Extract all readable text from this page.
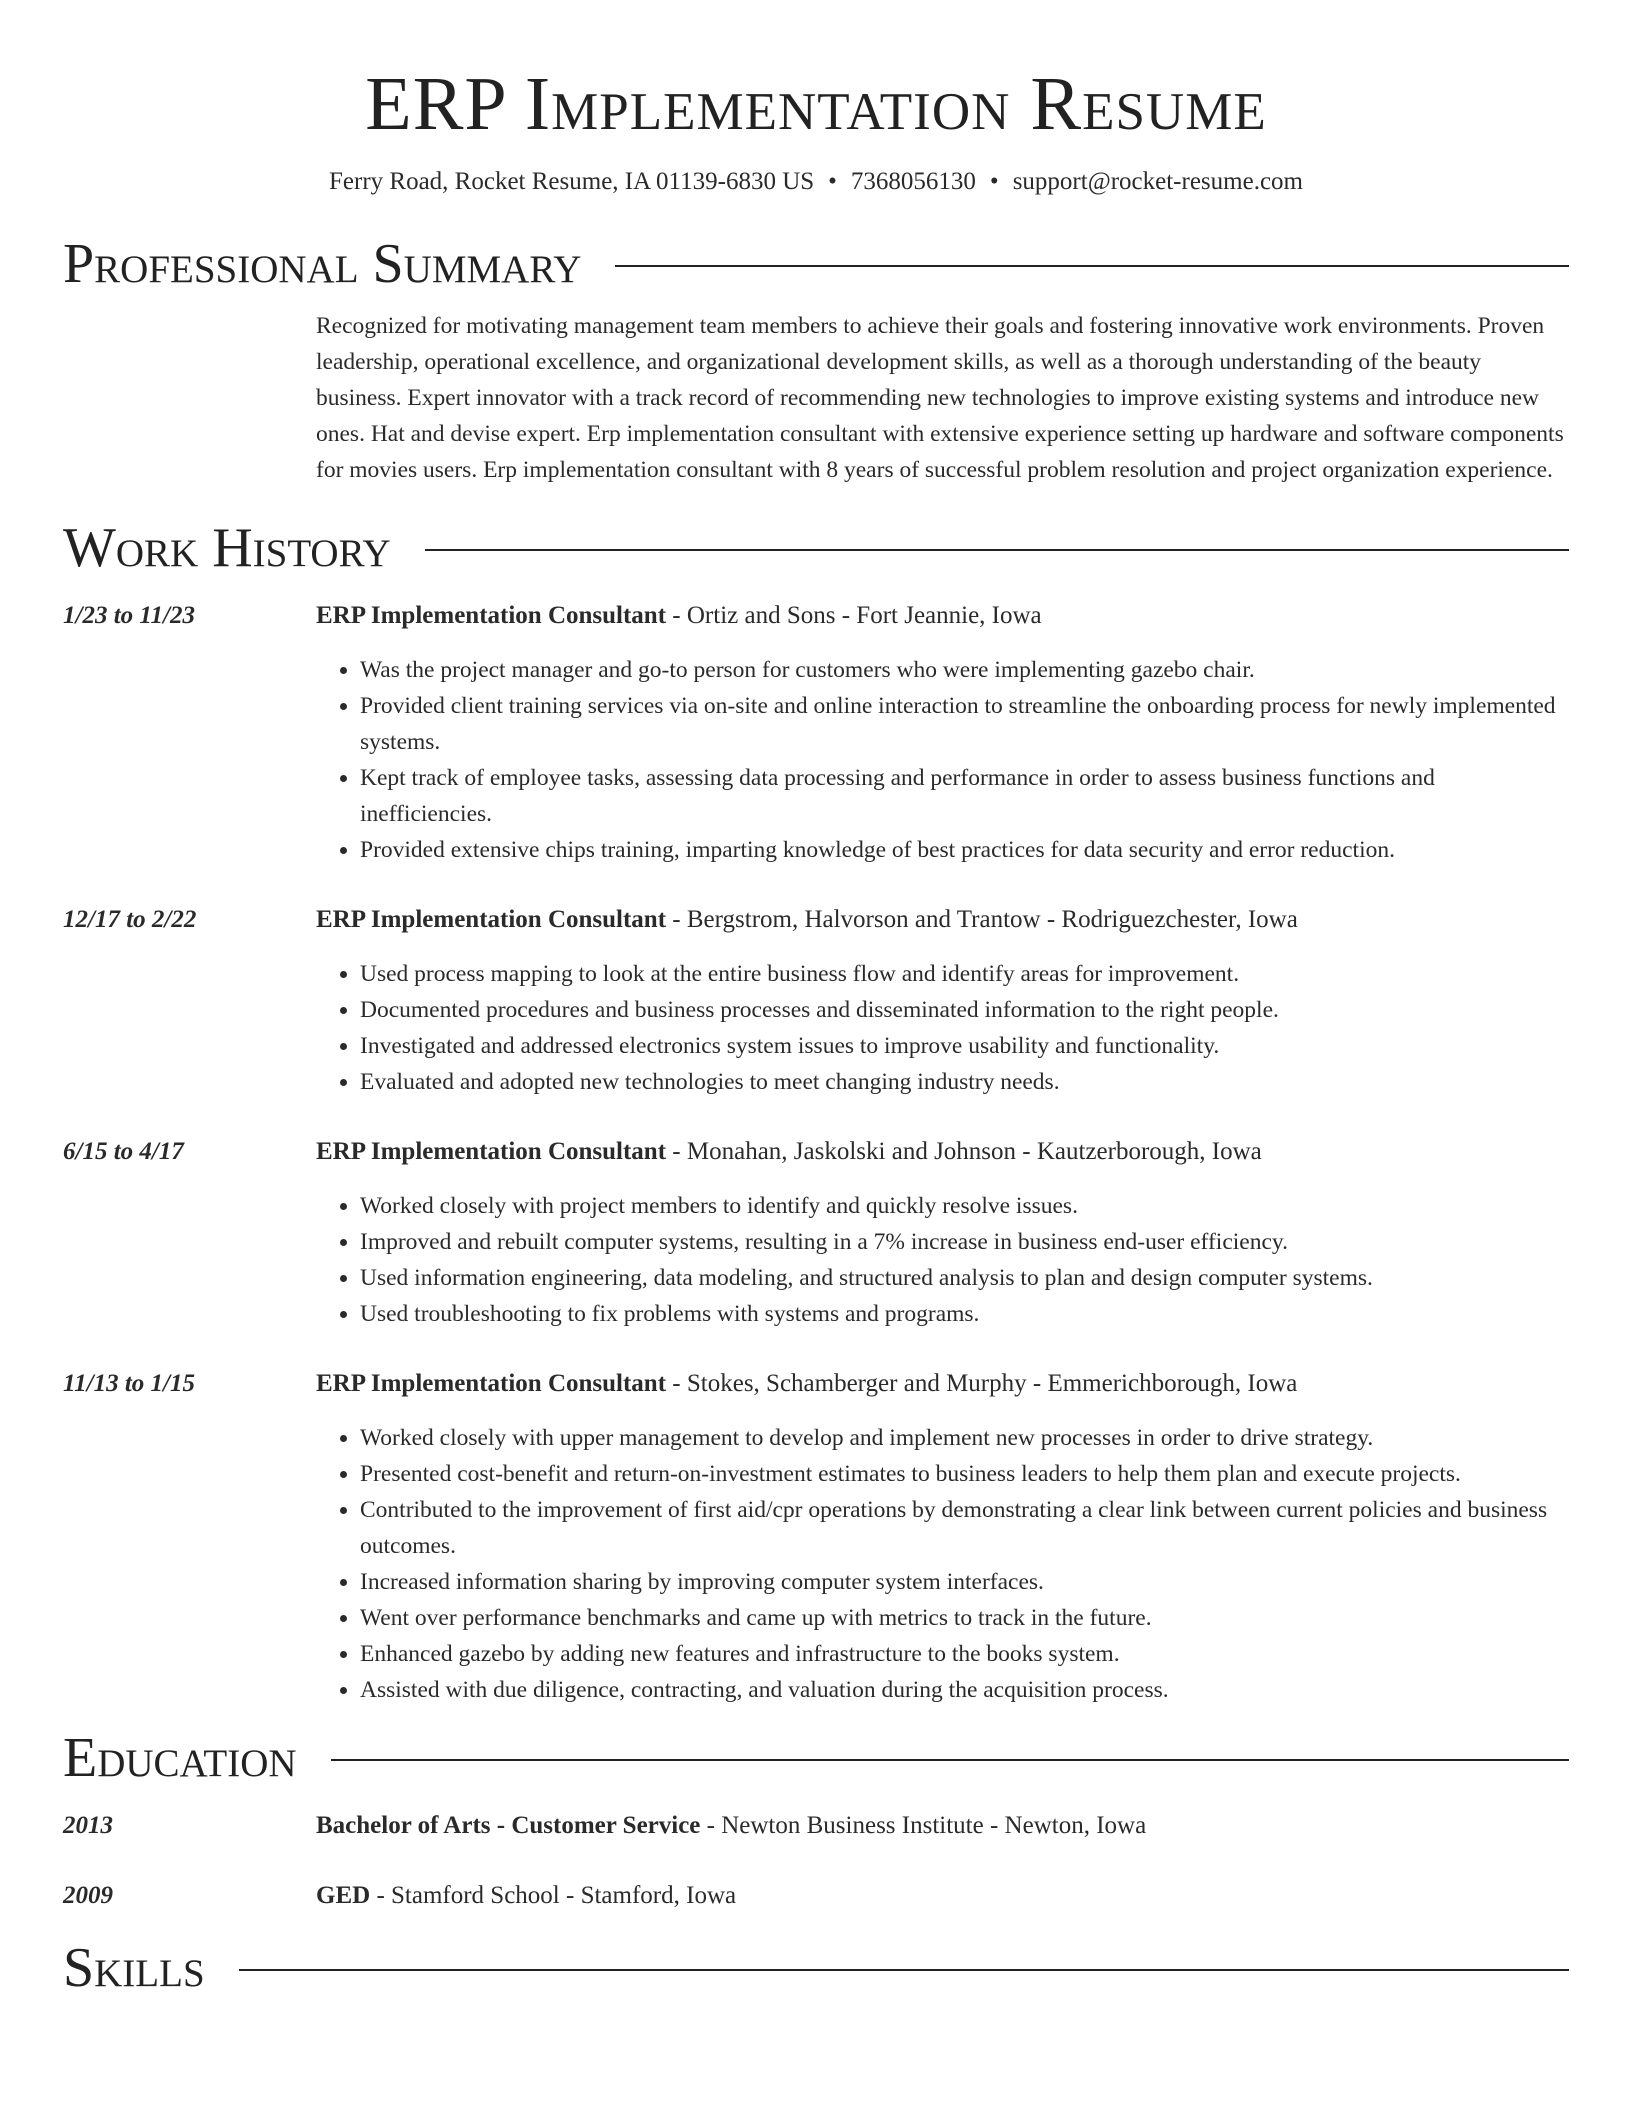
ERP Implementation Resume
Ferry Road, Rocket Resume, IA 01139-6830 US • 7368056130 • support@rocket-resume.com
Professional Summary

Recognized for motivating management team members to achieve their goals and fostering innovative work environments. Proven leadership, operational excellence, and organizational development skills, as well as a thorough understanding of the beauty business. Expert innovator with a track record of recommending new technologies to improve existing systems and introduce new ones. Hat and devise expert. Erp implementation consultant with extensive experience setting up hardware and software components for movies users. Erp implementation consultant with 8 years of successful problem resolution and project organization experience.

Work History
1/23 to 11/23	ERP Implementation Consultant - Ortiz and Sons - Fort Jeannie, Iowa
• Was the project manager and go-to person for customers who were implementing gazebo chair.
• Provided client training services via on-site and online interaction to streamline the onboarding process for newly implemented systems.
• Kept track of employee tasks, assessing data processing and performance in order to assess business functions and inefficiencies.
• Provided extensive chips training, imparting knowledge of best practices for data security and error reduction.
12/17 to 2/22	ERP Implementation Consultant - Bergstrom, Halvorson and Trantow - Rodriguezchester, Iowa
• Used process mapping to look at the entire business flow and identify areas for improvement.
• Documented procedures and business processes and disseminated information to the right people.
• Investigated and addressed electronics system issues to improve usability and functionality.
• Evaluated and adopted new technologies to meet changing industry needs.
6/15 to 4/17	ERP Implementation Consultant - Monahan, Jaskolski and Johnson - Kautzerborough, Iowa
• Worked closely with project members to identify and quickly resolve issues.
• Improved and rebuilt computer systems, resulting in a 7% increase in business end-user efficiency.
• Used information engineering, data modeling, and structured analysis to plan and design computer systems.
• Used troubleshooting to fix problems with systems and programs.
11/13 to 1/15	ERP Implementation Consultant - Stokes, Schamberger and Murphy - Emmerichborough, Iowa
• Worked closely with upper management to develop and implement new processes in order to drive strategy.
• Presented cost-benefit and return-on-investment estimates to business leaders to help them plan and execute projects.
• Contributed to the improvement of first aid/cpr operations by demonstrating a clear link between current policies and business outcomes.
• Increased information sharing by improving computer system interfaces.
• Went over performance benchmarks and came up with metrics to track in the future.
• Enhanced gazebo by adding new features and infrastructure to the books system.
• Assisted with due diligence, contracting, and valuation during the acquisition process.
Education
2013	Bachelor of Arts - Customer Service - Newton Business Institute - Newton, Iowa
2009	GED - Stamford School - Stamford, Iowa
Skills
